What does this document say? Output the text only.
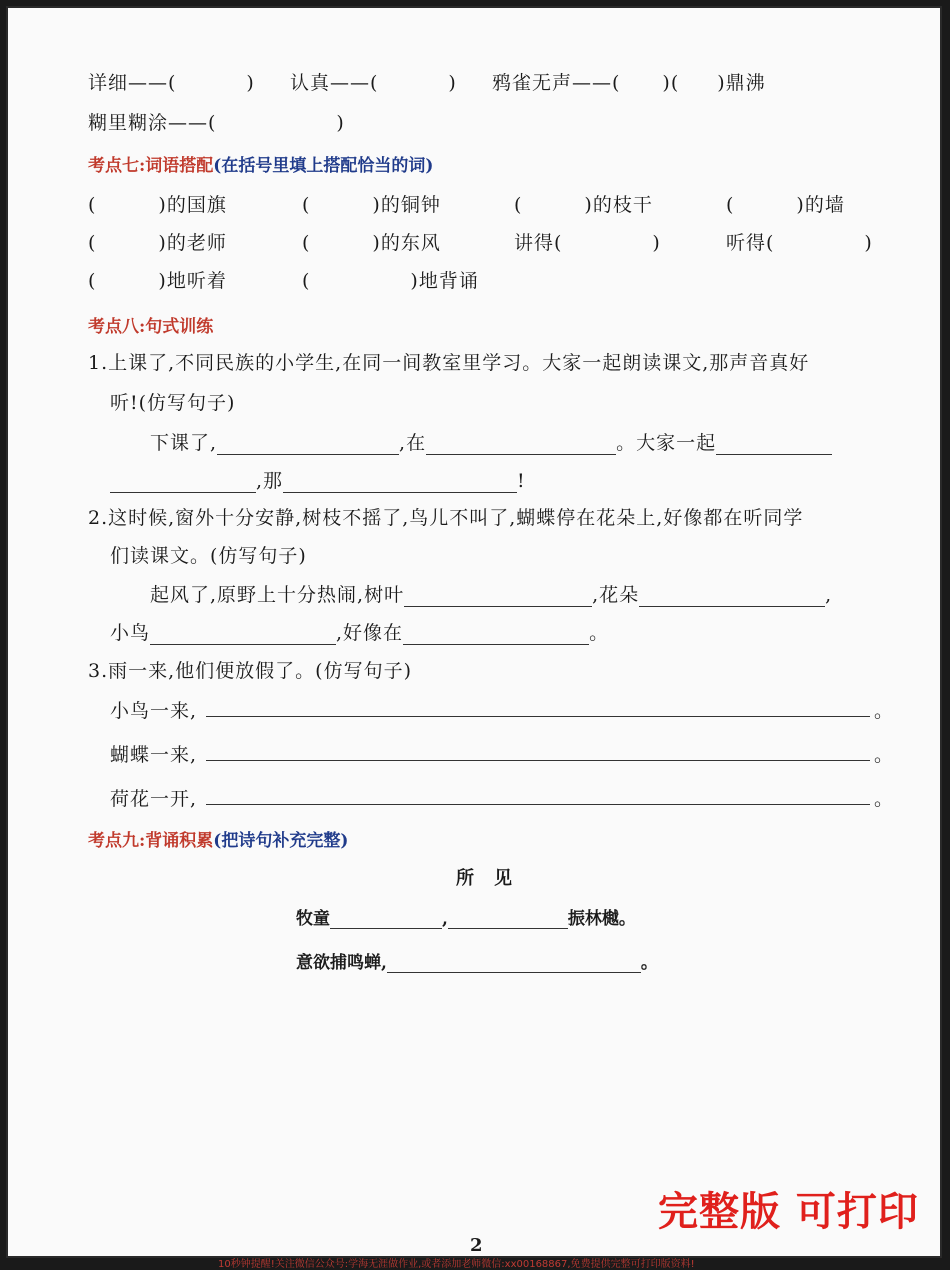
详细——(	) 认真——(	) 鸦雀无声——( )( )鼎沸
糊里糊涂——(	)
考点七:词语搭配(在括号里填上搭配恰当的词)
(	)的国旗	(	)的铜钟	(	)的枝干	(	)的墙
(	)的老师	(	)的东风	讲得(	)	听得(	)
(	)地听着	(	)地背诵
考点八:句式训练
1.上课了,不同民族的小学生,在同一间教室里学习。大家一起朗读课文,那声音真好
听!(仿写句子)
下课了,	,在	。大家一起
,那	!
2.这时候,窗外十分安静,树枝不摇了,鸟儿不叫了,蝴蝶停在花朵上,好像都在听同学
们读课文。(仿写句子)
起风了,原野上十分热闹,树叶	,花朵	,
小鸟	,好像在	。
3.雨一来,他们便放假了。(仿写句子)
小鸟一来,	。
蝴蝶一来,	。
荷花一开,	。
考点九:背诵积累(把诗句补充完整)
所见
牧童	,	振林樾。
意欲捕鸣蝉,	。
完整版 可打印
2
10秒钟提醒!关注微信公众号:学海无涯做作业,或者添加老师微信:xx00168867,免费提供完整可打印版资料!
